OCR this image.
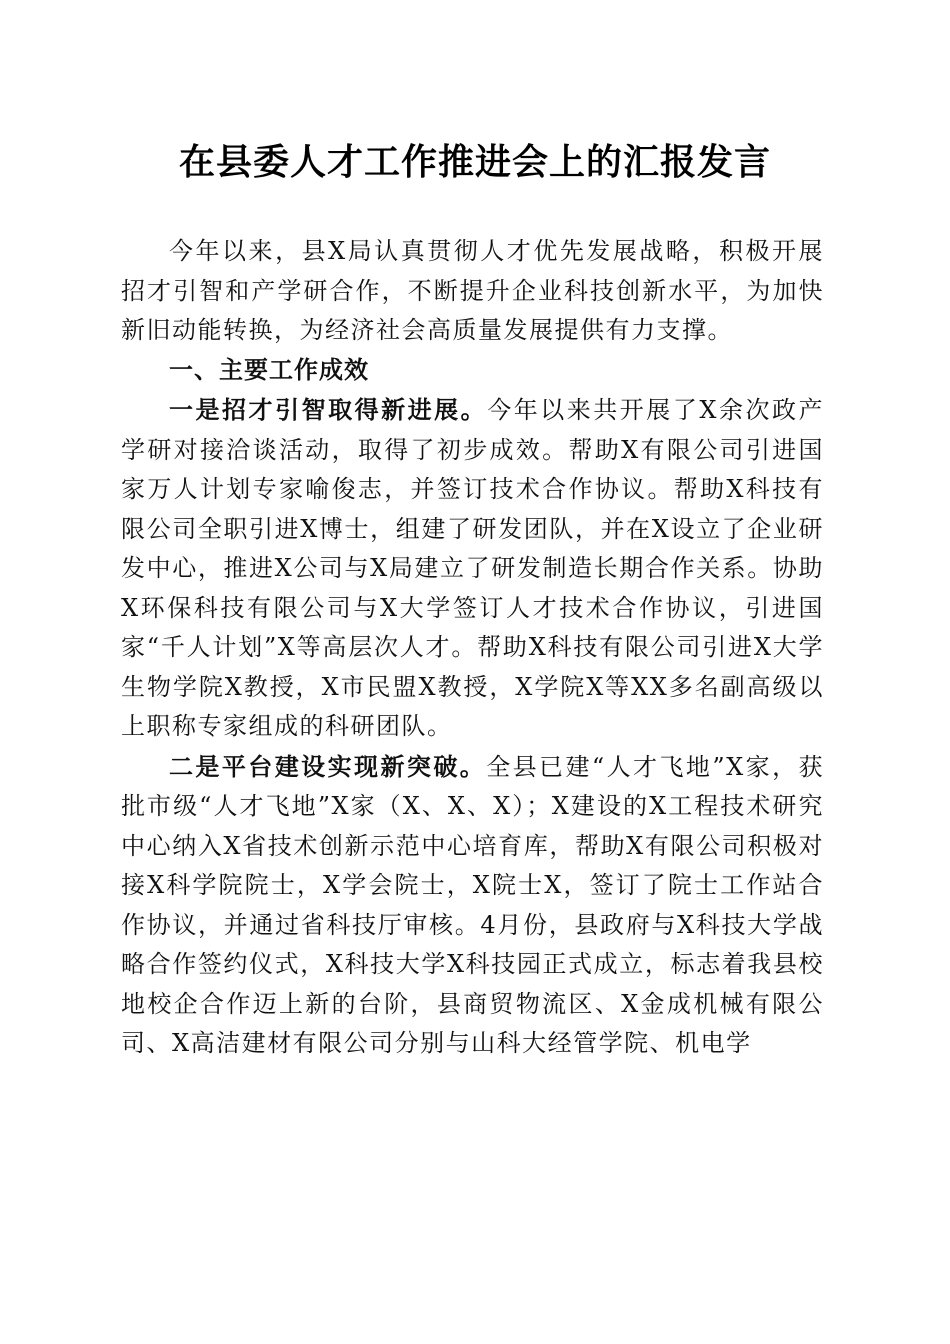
在县委人才工作推进会上的汇报发言

今年以来，县X局认真贯彻人才优先发展战略，积极开展招才引智和产学研合作，不断提升企业科技创新水平，为加快新旧动能转换，为经济社会高质量发展提供有力支撑。

一、主要工作成效

一是招才引智取得新进展。今年以来共开展了X余次政产学研对接洽谈活动，取得了初步成效。帮助X有限公司引进国家万人计划专家喻俊志，并签订技术合作协议。帮助X科技有限公司全职引进X博士，组建了研发团队，并在X设立了企业研发中心，推进X公司与X局建立了研发制造长期合作关系。协助X环保科技有限公司与X大学签订人才技术合作协议，引进国家“千人计划”X等高层次人才。帮助X科技有限公司引进X大学生物学院X教授，X市民盟X教授，X学院X等XX多名副高级以上职称专家组成的科研团队。

二是平台建设实现新突破。全县已建“人才飞地”X家，获批市级“人才飞地”X家（X、X、X）；X建设的X工程技术研究中心纳入X省技术创新示范中心培育库，帮助X有限公司积极对接X科学院院士，X学会院士，X院士X，签订了院士工作站合作协议，并通过省科技厅审核。4月份，县政府与X科技大学战略合作签约仪式，X科技大学X科技园正式成立，标志着我县校地校企合作迈上新的台阶，县商贸物流区、X金成机械有限公司、X高洁建材有限公司分别与山科大经管学院、机电学
